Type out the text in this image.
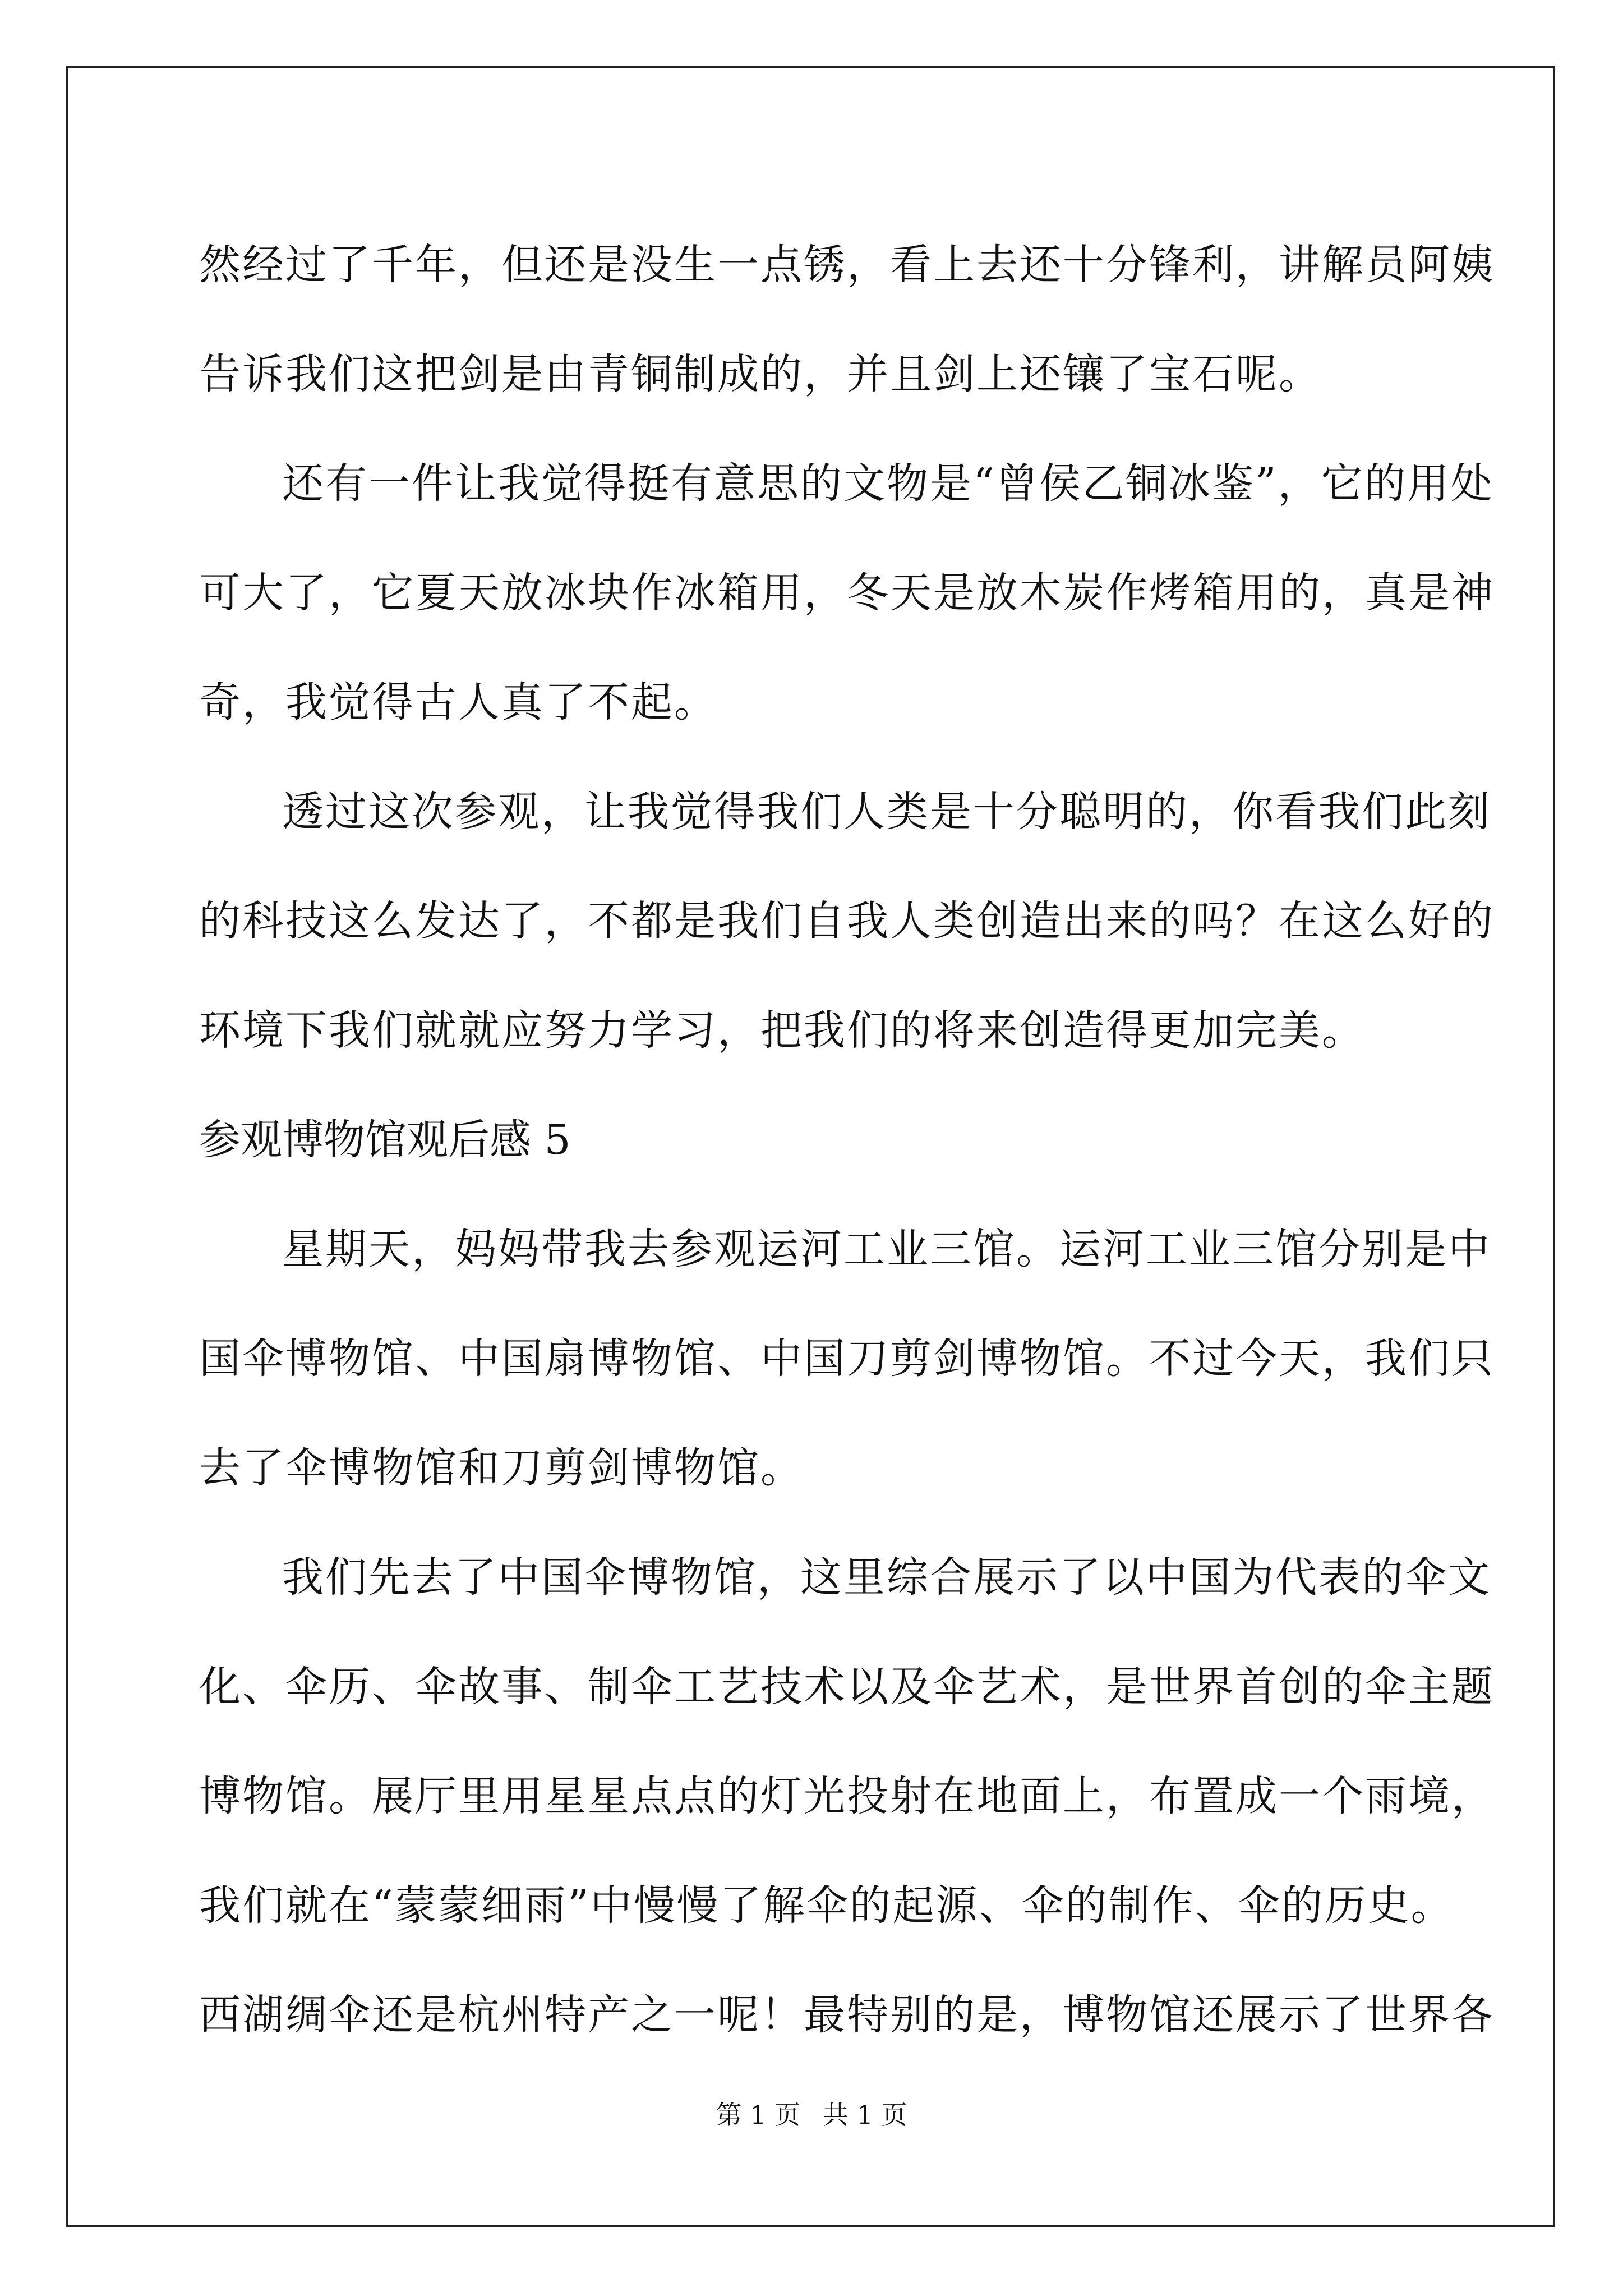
然经过了千年，但还是没生一点锈，看上去还十分锋利，讲解员阿姨
告诉我们这把剑是由青铜制成的，并且剑上还镶了宝石呢。
还有一件让我觉得挺有意思的文物是“曾侯乙铜冰鉴”，它的用处
可大了，它夏天放冰块作冰箱用，冬天是放木炭作烤箱用的，真是神
奇，我觉得古人真了不起。
透过这次参观，让我觉得我们人类是十分聪明的，你看我们此刻
的科技这么发达了，不都是我们自我人类创造出来的吗？在这么好的
环境下我们就就应努力学习，把我们的将来创造得更加完美。
参观博物馆观后感 5
星期天，妈妈带我去参观运河工业三馆。运河工业三馆分别是中
国伞博物馆、中国扇博物馆、中国刀剪剑博物馆。不过今天，我们只
去了伞博物馆和刀剪剑博物馆。
我们先去了中国伞博物馆，这里综合展示了以中国为代表的伞文
化、伞历、伞故事、制伞工艺技术以及伞艺术，是世界首创的伞主题
博物馆。展厅里用星星点点的灯光投射在地面上，布置成一个雨境，
我们就在“蒙蒙细雨”中慢慢了解伞的起源、伞的制作、伞的历史。
西湖绸伞还是杭州特产之一呢！最特别的是，博物馆还展示了世界各
第 1 页 共 1 页
